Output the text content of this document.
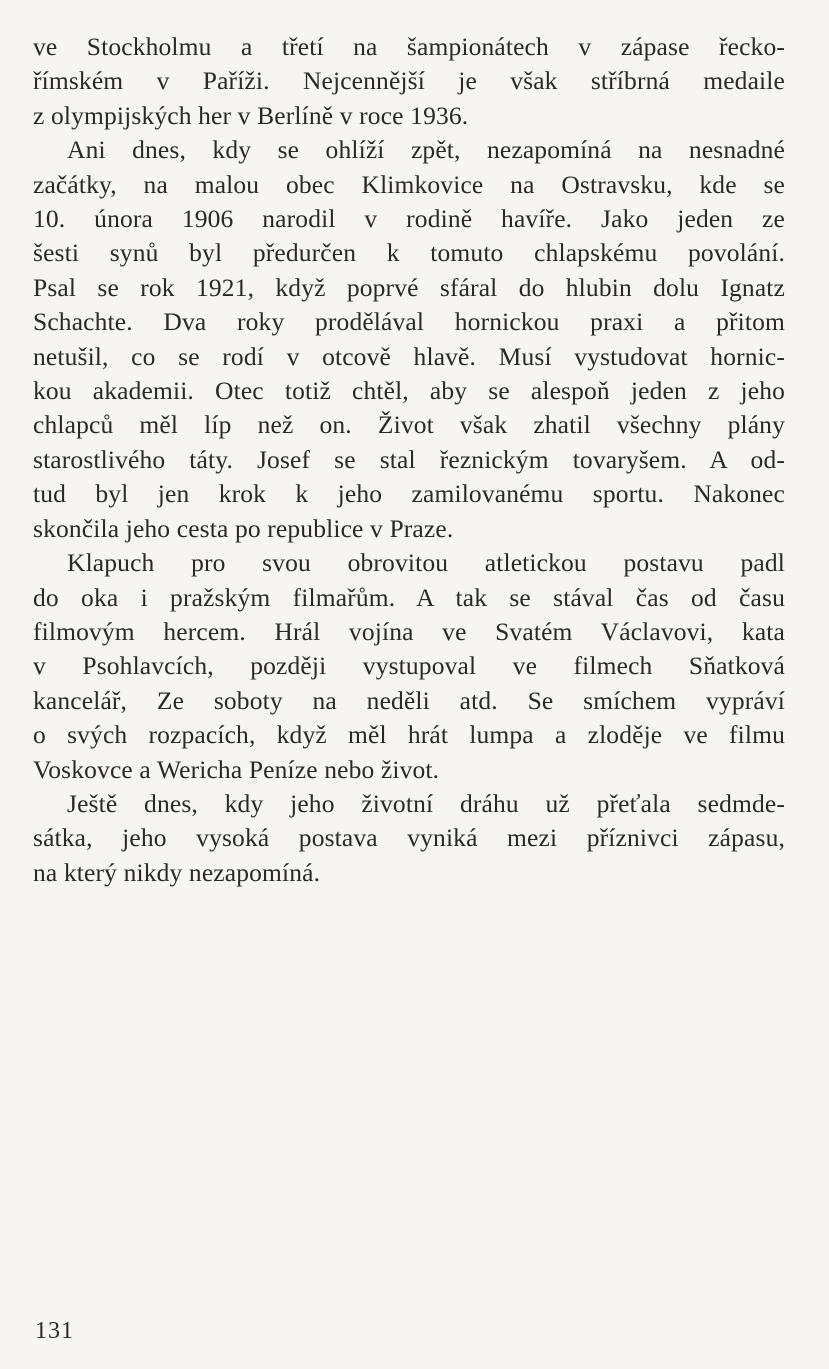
ve Stockholmu a třetí na šampionátech v zápase řecko-
římském v Paříži. Nejcennější je však stříbrná medaile
z olympijských her v Berlíně v roce 1936.

Ani dnes, kdy se ohlíží zpět, nezapomíná na nesnadné
začátky, na malou obec Klimkovice na Ostravsku, kde se
10. února 1906 narodil v rodině havíře. Jako jeden ze
šesti synů byl předurčen k tomuto chlapskému povolání.
Psal se rok 1921, když poprvé sfáral do hlubin dolu Ignatz
Schachte. Dva roky prodělával hornickou praxi a přitom
netušil, co se rodí v otcově hlavě. Musí vystudovat hornic-
kou akademii. Otec totiž chtěl, aby se alespoň jeden z jeho
chlapců měl líp než on. Život však zhatil všechny plány
starostlivého táty. Josef se stal řeznickým tovaryšem. A od-
tud byl jen krok k jeho zamilovanému sportu. Nakonec
skončila jeho cesta po republice v Praze.

Klapuch pro svou obrovitou atletickou postavu padl
do oka i pražským filmařům. A tak se stával čas od času
filmovým hercem. Hrál vojína ve Svatém Václavovi, kata
v Psohlavcích, později vystupoval ve filmech Sňatková
kancelář, Ze soboty na neděli atd. Se smíchem vypráví
o svých rozpacích, když měl hrát lumpa a zloděje ve filmu
Voskovce a Wericha Peníze nebo život.

Ještě dnes, kdy jeho životní dráhu už přeťala sedmde-
sátka, jeho vysoká postava vyniká mezi příznivci zápasu,
na který nikdy nezapomíná.

131
